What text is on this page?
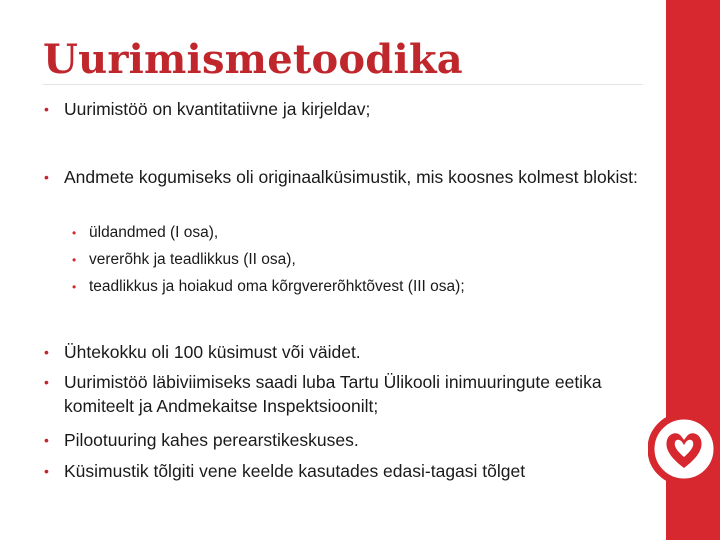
Uurimismetoodika
• Uurimistöö on kvantitatiivne ja kirjeldav;
• Andmete kogumiseks oli originaalküsimustik, mis koosnes kolmest blokist:
• üldandmed (I osa),
• vererõhk ja teadlikkus (II osa),
• teadlikkus ja hoiakud oma kõrgvererõhktõvest (III osa);
• Ühtekokku oli 100 küsimust või väidet.
• Uurimistöö läbiviimiseks saadi luba Tartu Ülikooli inimuuringute eetika komiteelt ja Andmekaitse Inspektsioonilt;
• Pilootuuring kahes perearstikeskuses.
• Küsimustik tõlgiti vene keelde kasutades edasi-tagasi tõlget
